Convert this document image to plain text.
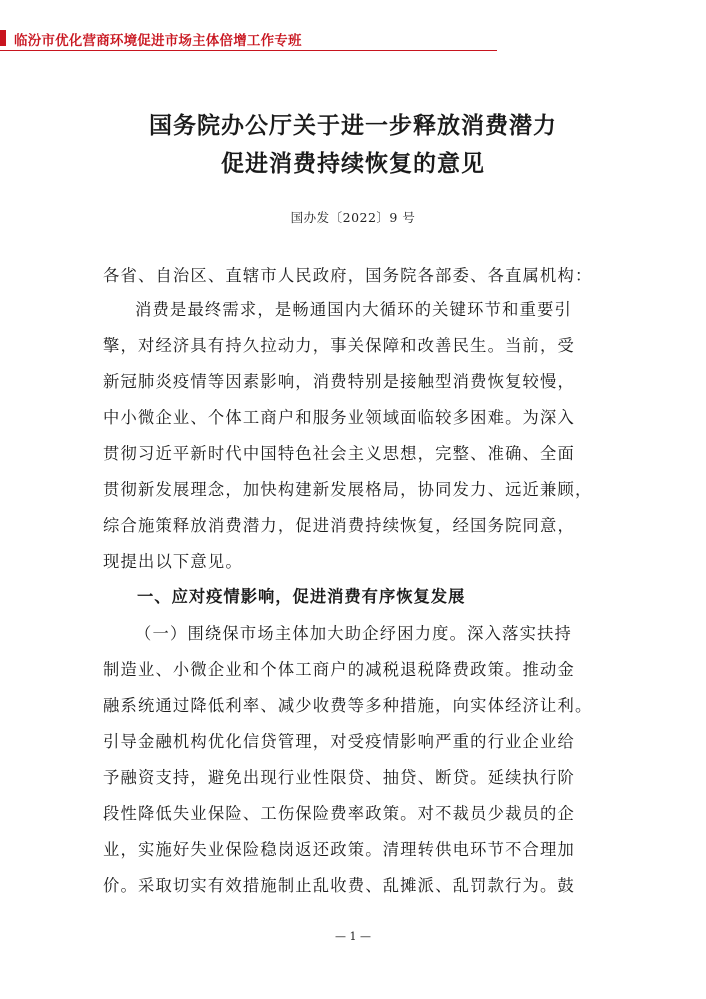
临汾市优化营商环境促进市场主体倍增工作专班
国务院办公厅关于进一步释放消费潜力
促进消费持续恢复的意见
国办发〔2022〕9 号
各省、自治区、直辖市人民政府，国务院各部委、各直属机构：
消费是最终需求，是畅通国内大循环的关键环节和重要引
擎，对经济具有持久拉动力，事关保障和改善民生。当前，受
新冠肺炎疫情等因素影响，消费特别是接触型消费恢复较慢，
中小微企业、个体工商户和服务业领域面临较多困难。为深入
贯彻习近平新时代中国特色社会主义思想，完整、准确、全面
贯彻新发展理念，加快构建新发展格局，协同发力、远近兼顾，
综合施策释放消费潜力，促进消费持续恢复，经国务院同意，
现提出以下意见。
一、应对疫情影响，促进消费有序恢复发展
（一）围绕保市场主体加大助企纾困力度。深入落实扶持
制造业、小微企业和个体工商户的减税退税降费政策。推动金
融系统通过降低利率、减少收费等多种措施，向实体经济让利。
引导金融机构优化信贷管理，对受疫情影响严重的行业企业给
予融资支持，避免出现行业性限贷、抽贷、断贷。延续执行阶
段性降低失业保险、工伤保险费率政策。对不裁员少裁员的企
业，实施好失业保险稳岗返还政策。清理转供电环节不合理加
价。采取切实有效措施制止乱收费、乱摊派、乱罚款行为。鼓
— 1 —
